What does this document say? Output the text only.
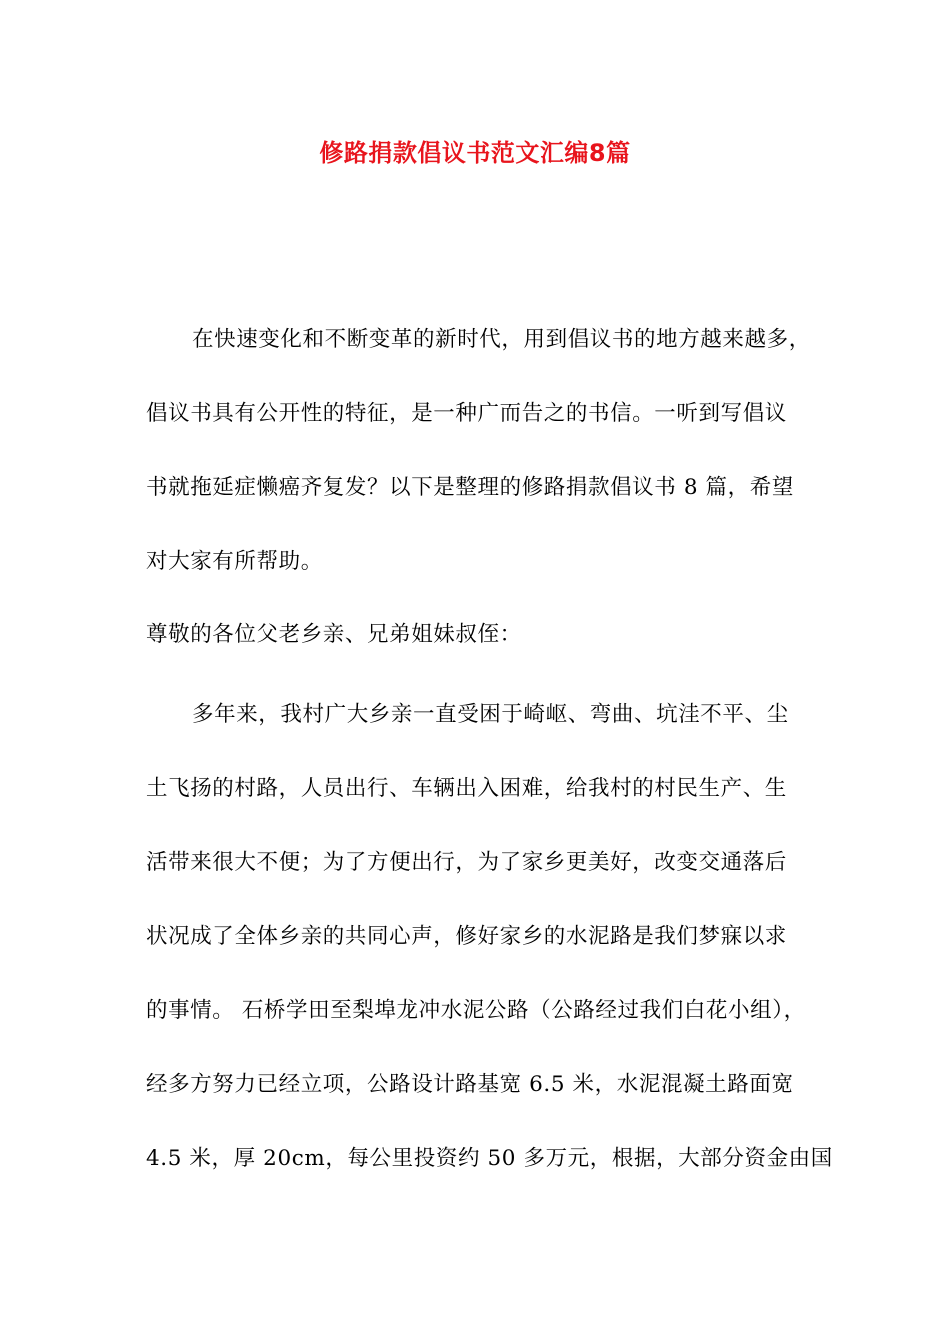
修路捐款倡议书范文汇编8篇

在快速变化和不断变革的新时代，用到倡议书的地方越来越多，

倡议书具有公开性的特征，是一种广而告之的书信。一听到写倡议

书就拖延症懒癌齐复发？以下是整理的修路捐款倡议书 8 篇，希望

对大家有所帮助。

尊敬的各位父老乡亲、兄弟姐妹叔侄：

多年来，我村广大乡亲一直受困于崎岖、弯曲、坑洼不平、尘

土飞扬的村路，人员出行、车辆出入困难，给我村的村民生产、生

活带来很大不便；为了方便出行，为了家乡更美好，改变交通落后

状况成了全体乡亲的共同心声，修好家乡的水泥路是我们梦寐以求

的事情。 石桥学田至梨埠龙冲水泥公路（公路经过我们白花小组），

经多方努力已经立项，公路设计路基宽 6.5 米，水泥混凝土路面宽

4.5 米，厚 20cm，每公里投资约 50 多万元，根据，大部分资金由国
